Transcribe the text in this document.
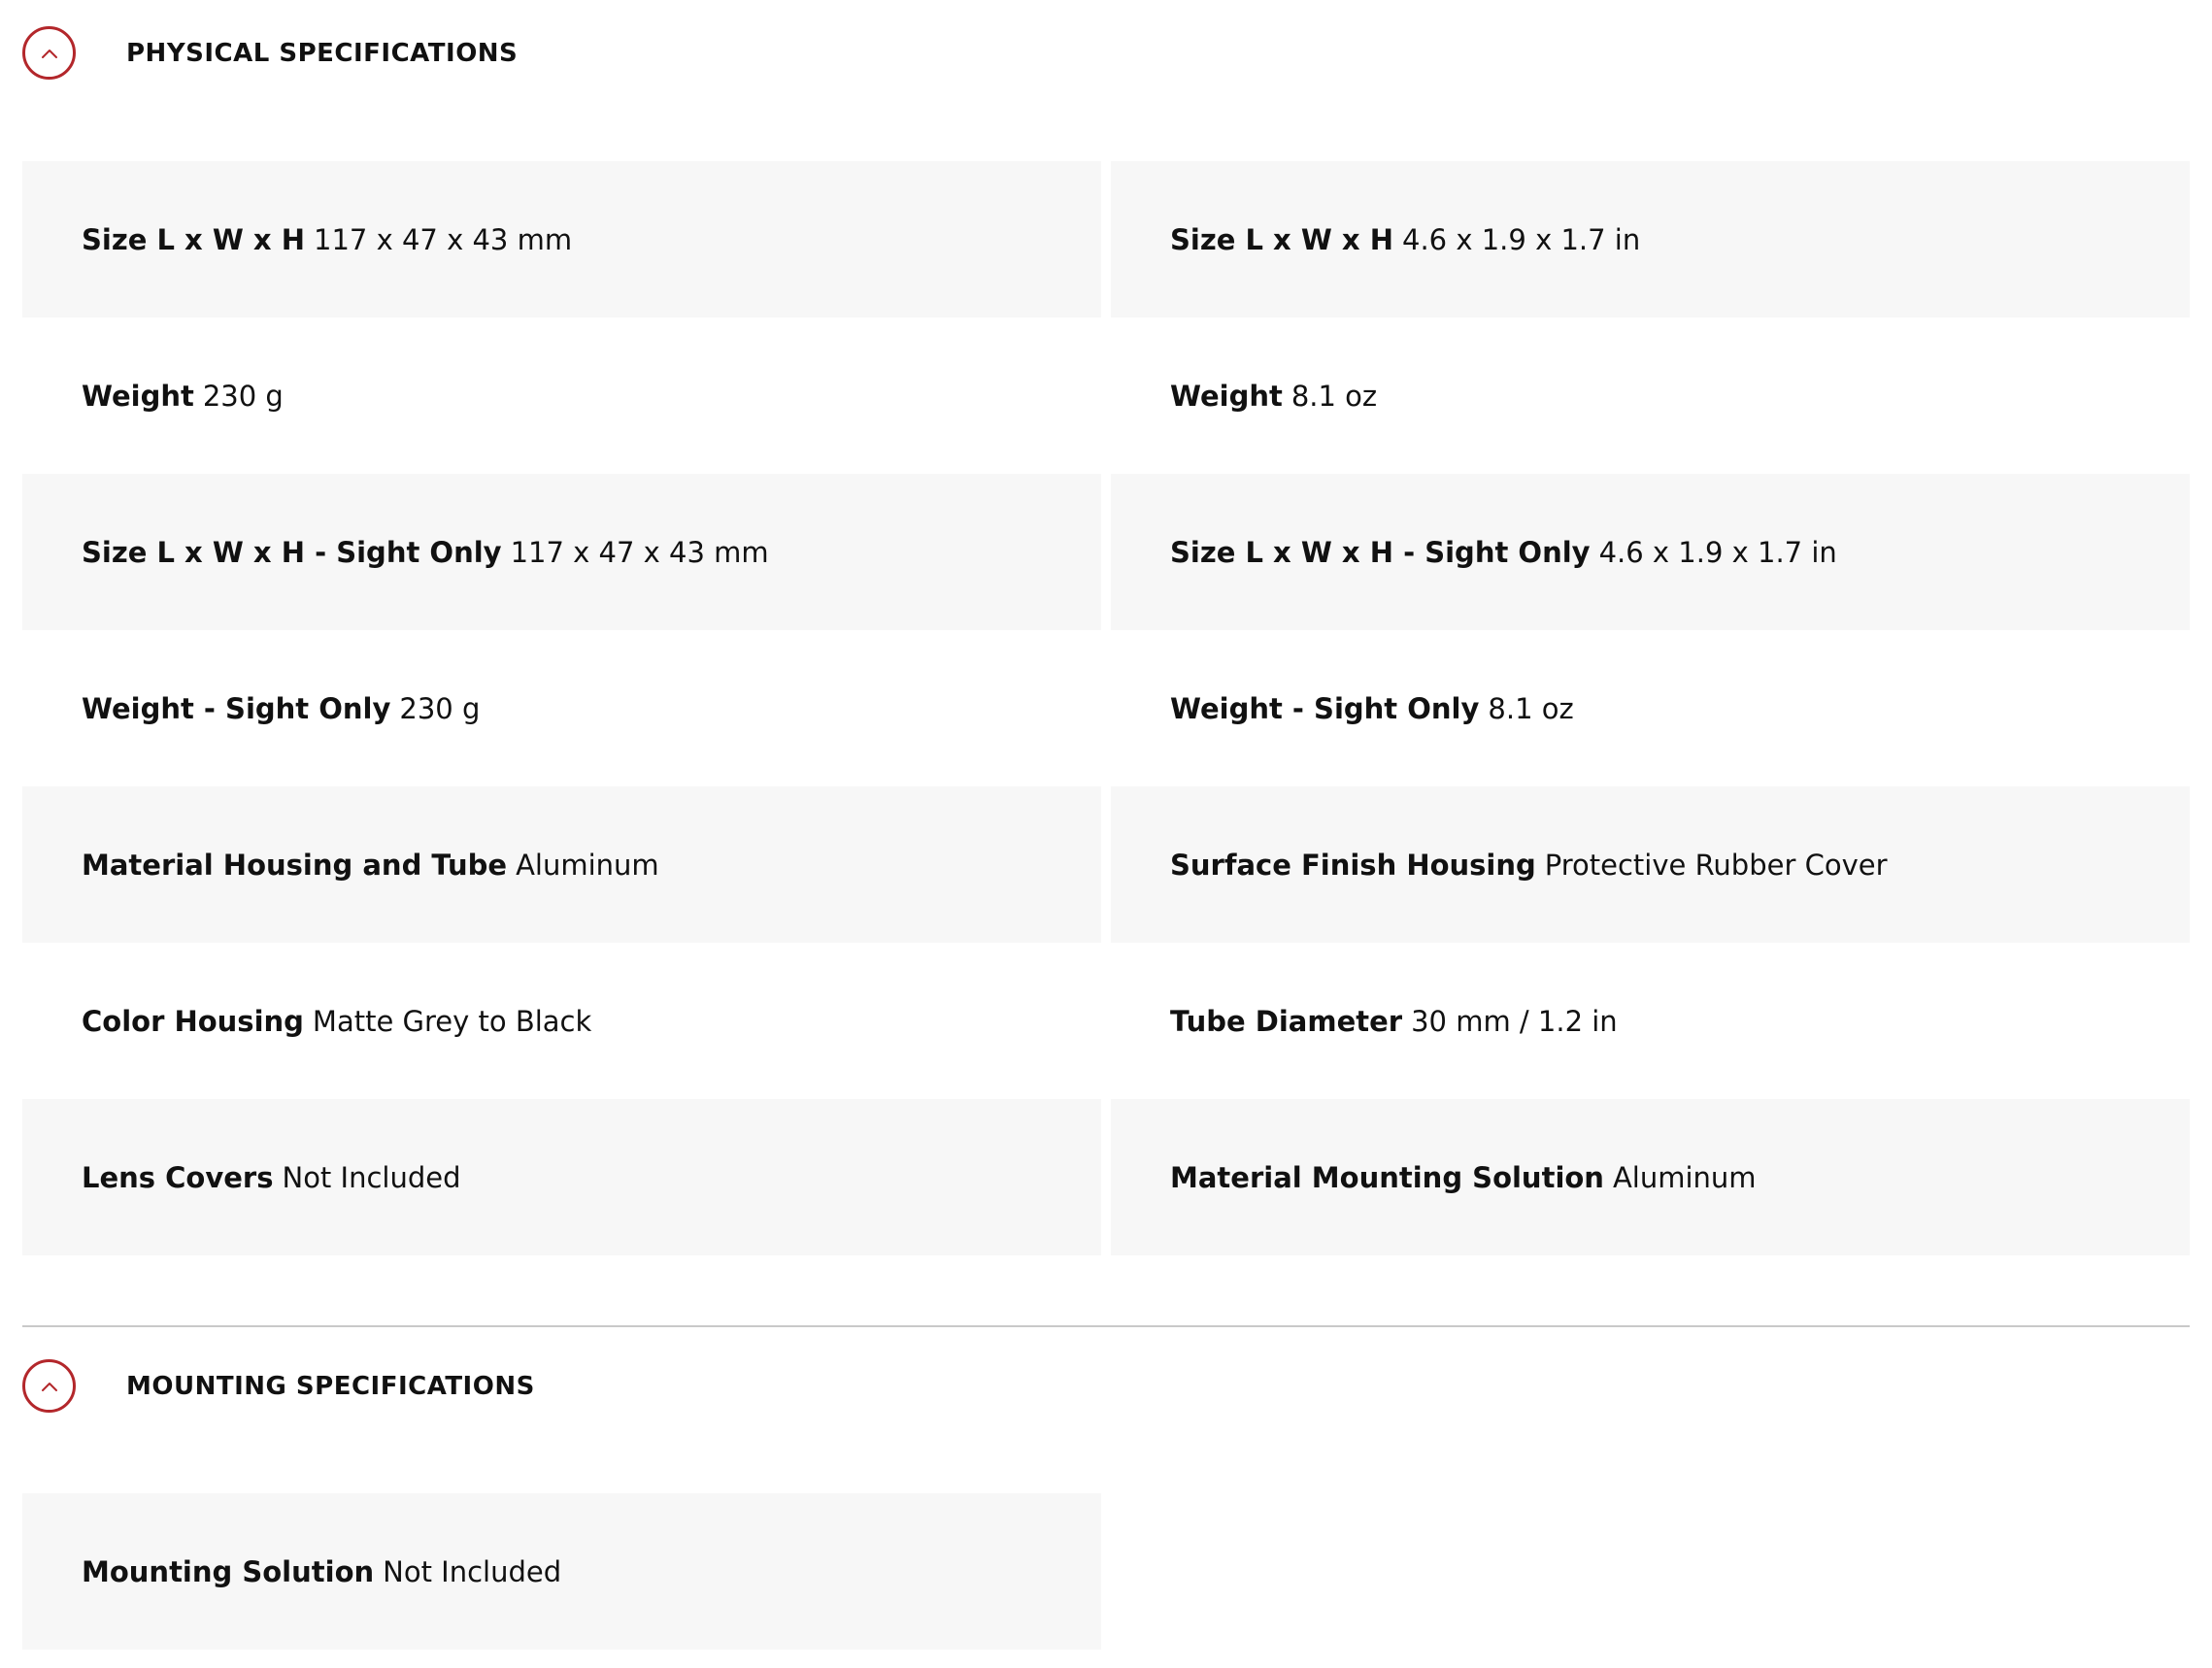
PHYSICAL SPECIFICATIONS
Size L x W x H 117 x 47 x 43 mm	Size L x W x H 4.6 x 1.9 x 1.7 in
Weight 230 g	Weight 8.1 oz
Size L x W x H - Sight Only 117 x 47 x 43 mm	Size L x W x H - Sight Only 4.6 x 1.9 x 1.7 in
Weight - Sight Only 230 g	Weight - Sight Only 8.1 oz
Material Housing and Tube Aluminum	Surface Finish Housing Protective Rubber Cover
Color Housing Matte Grey to Black	Tube Diameter 30 mm / 1.2 in
Lens Covers Not Included	Material Mounting Solution Aluminum
MOUNTING SPECIFICATIONS
Mounting Solution Not Included
